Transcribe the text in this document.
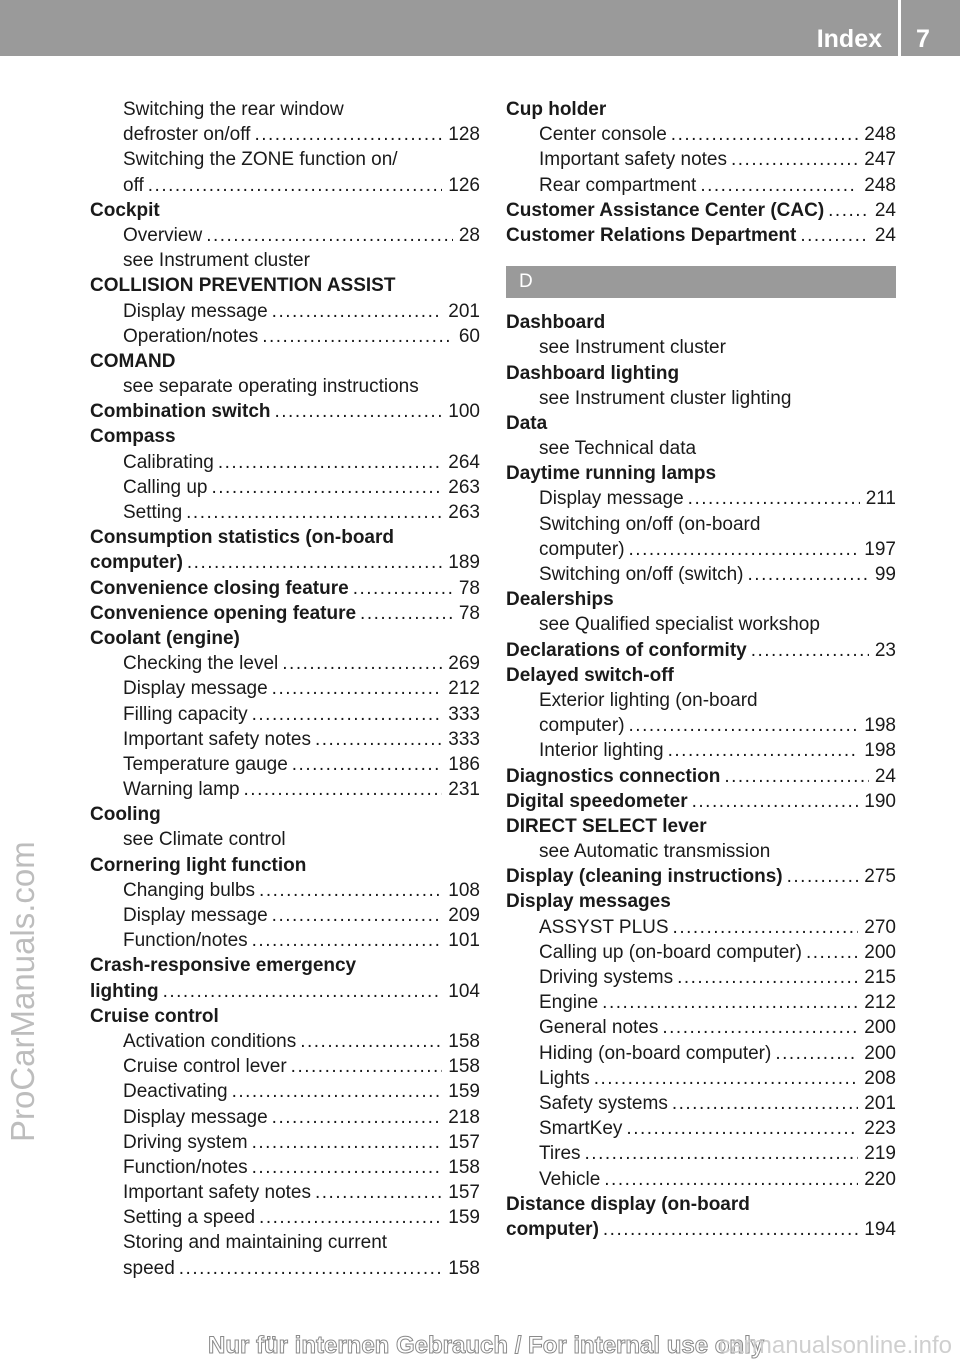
Index 7
ProCarManuals.com
Switching the rear window
defroster on/off .....	128
Switching the ZONE function on/
off .....	126
Cockpit
Overview .....	28
see Instrument cluster
COLLISION PREVENTION ASSIST
Display message .....	201
Operation/notes .....	60
COMAND
see separate operating instructions
Combination switch .....	100
Compass
Calibrating .....	264
Calling up .....	263
Setting .....	263
Consumption statistics (on-board
computer) .....	189
Convenience closing feature .....	78
Convenience opening feature .....	78
Coolant (engine)
Checking the level .....	269
Display message .....	212
Filling capacity .....	333
Important safety notes .....	333
Temperature gauge .....	186
Warning lamp .....	231
Cooling
see Climate control
Cornering light function
Changing bulbs .....	108
Display message .....	209
Function/notes .....	101
Crash-responsive emergency
lighting .....	104
Cruise control
Activation conditions .....	158
Cruise control lever .....	158
Deactivating .....	159
Display message .....	218
Driving system .....	157
Function/notes .....	158
Important safety notes .....	157
Setting a speed .....	159
Storing and maintaining current
speed .....	158
Cup holder
Center console .....	248
Important safety notes .....	247
Rear compartment .....	248
Customer Assistance Center (CAC) .....	24
Customer Relations Department .....	24
D
Dashboard
see Instrument cluster
Dashboard lighting
see Instrument cluster lighting
Data
see Technical data
Daytime running lamps
Display message .....	211
Switching on/off (on-board
computer) .....	197
Switching on/off (switch) .....	99
Dealerships
see Qualified specialist workshop
Declarations of conformity .....	23
Delayed switch-off
Exterior lighting (on-board
computer) .....	198
Interior lighting .....	198
Diagnostics connection .....	24
Digital speedometer .....	190
DIRECT SELECT lever
see Automatic transmission
Display (cleaning instructions) .....	275
Display messages
ASSYST PLUS .....	270
Calling up (on-board computer) .....	200
Driving systems .....	215
Engine .....	212
General notes .....	200
Hiding (on-board computer) .....	200
Lights .....	208
Safety systems .....	201
SmartKey .....	223
Tires .....	219
Vehicle .....	220
Distance display (on-board
computer) .....	194
Nur für internen Gebrauch / For internal use only
carmanualsonline.info
